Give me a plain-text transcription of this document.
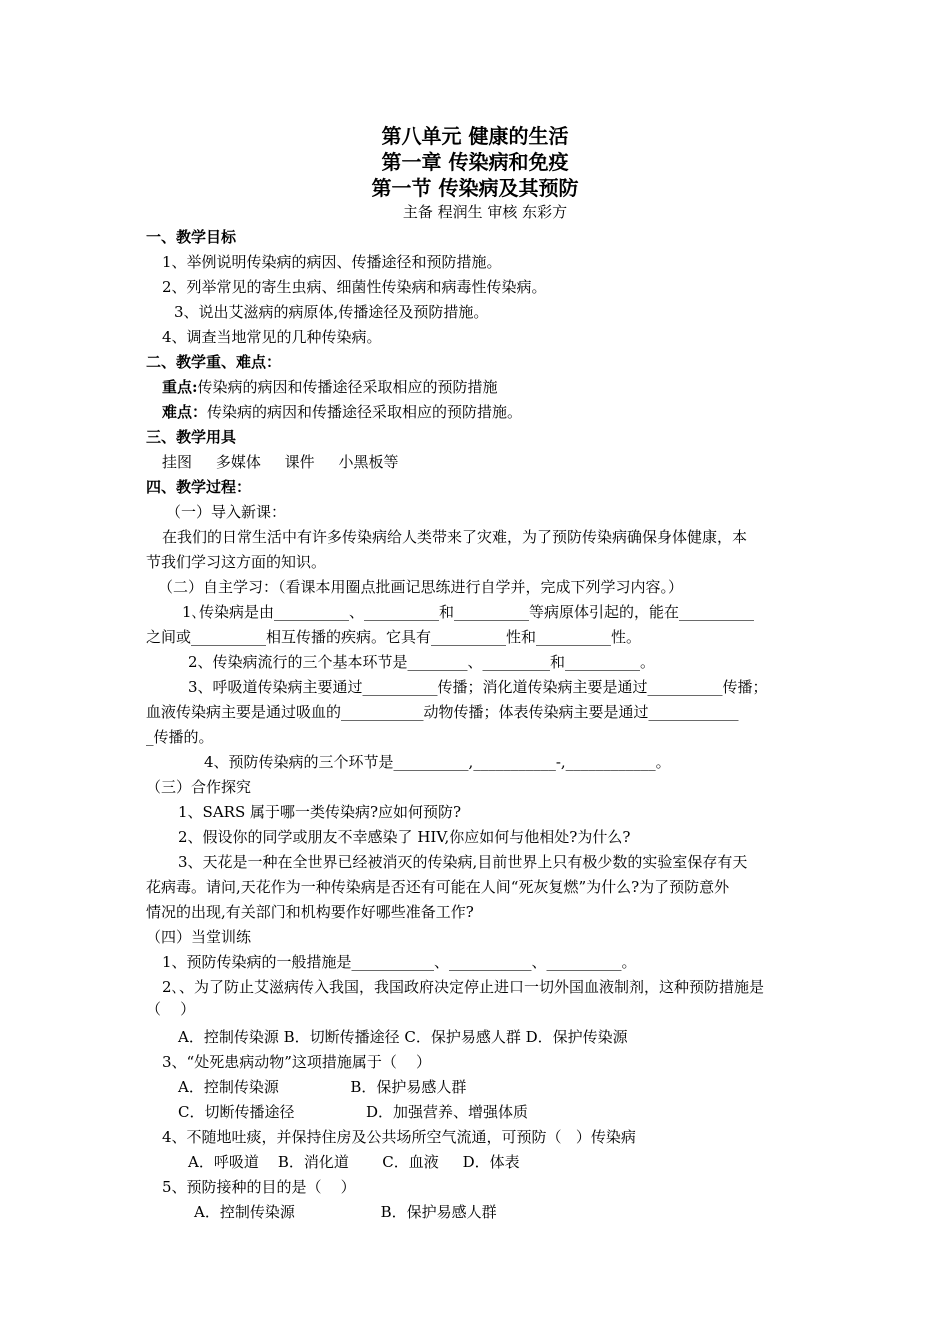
第八单元 健康的生活
第一章 传染病和免疫
第一节 传染病及其预防
主备 程润生 审核 东彩方
一、教学目标
1、举例说明传染病的病因、传播途径和预防措施。
2、列举常见的寄生虫病、细菌性传染病和病毒性传染病。
3、说出艾滋病的病原体,传播途径及预防措施。
4、调查当地常见的几种传染病。
二、教学重、难点：
重点:传染病的病因和传播途径采取相应的预防措施
难点：传染病的病因和传播途径采取相应的预防措施。
三、教学用具
挂图     多媒体     课件     小黑板等
四、教学过程：
（一）导入新课：
在我们的日常生活中有许多传染病给人类带来了灾难，为了预防传染病确保身体健康，本
节我们学习这方面的知识。
（二）自主学习：（看课本用圈点批画记思练进行自学并，完成下列学习内容。）
1､传染病是由__________、__________和__________等病原体引起的，能在__________
之间或__________相互传播的疾病。它具有__________性和__________性。
2、传染病流行的三个基本环节是________、_________和__________。
3、呼吸道传染病主要通过__________传播；消化道传染病主要是通过__________传播；
血液传染病主要是通过吸血的___________动物传播；体表传染病主要是通过____________
_传播的。
4、预防传染病的三个环节是__________,___________-,____________。
（三）合作探究
1、SARS 属于哪一类传染病?应如何预防?
2、假设你的同学或朋友不幸感染了 HIV,你应如何与他相处?为什么?
3、天花是一种在全世界已经被消灭的传染病,目前世界上只有极少数的实验室保存有天
花病毒。请问,天花作为一种传染病是否还有可能在人间“死灰复燃”为什么?为了预防意外
情况的出现,有关部门和机构要作好哪些准备工作?
（四）当堂训练
1、预防传染病的一般措施是___________、___________、__________。
2､、为了防止艾滋病传入我国，我国政府决定停止进口一切外国血液制剂，这种预防措施是
（    ）
A．控制传染源 B．切断传播途径 C．保护易感人群 D．保护传染源
3、“处死患病动物”这项措施属于（    ）
A．控制传染源               B．保护易感人群
C．切断传播途径               D．加强营养、增强体质
4、不随地吐痰，并保持住房及公共场所空气流通，可预防（   ）传染病
A．呼吸道    B．消化道       C．血液     D．体表
5、预防接种的目的是（    ）
A．控制传染源                  B．保护易感人群
